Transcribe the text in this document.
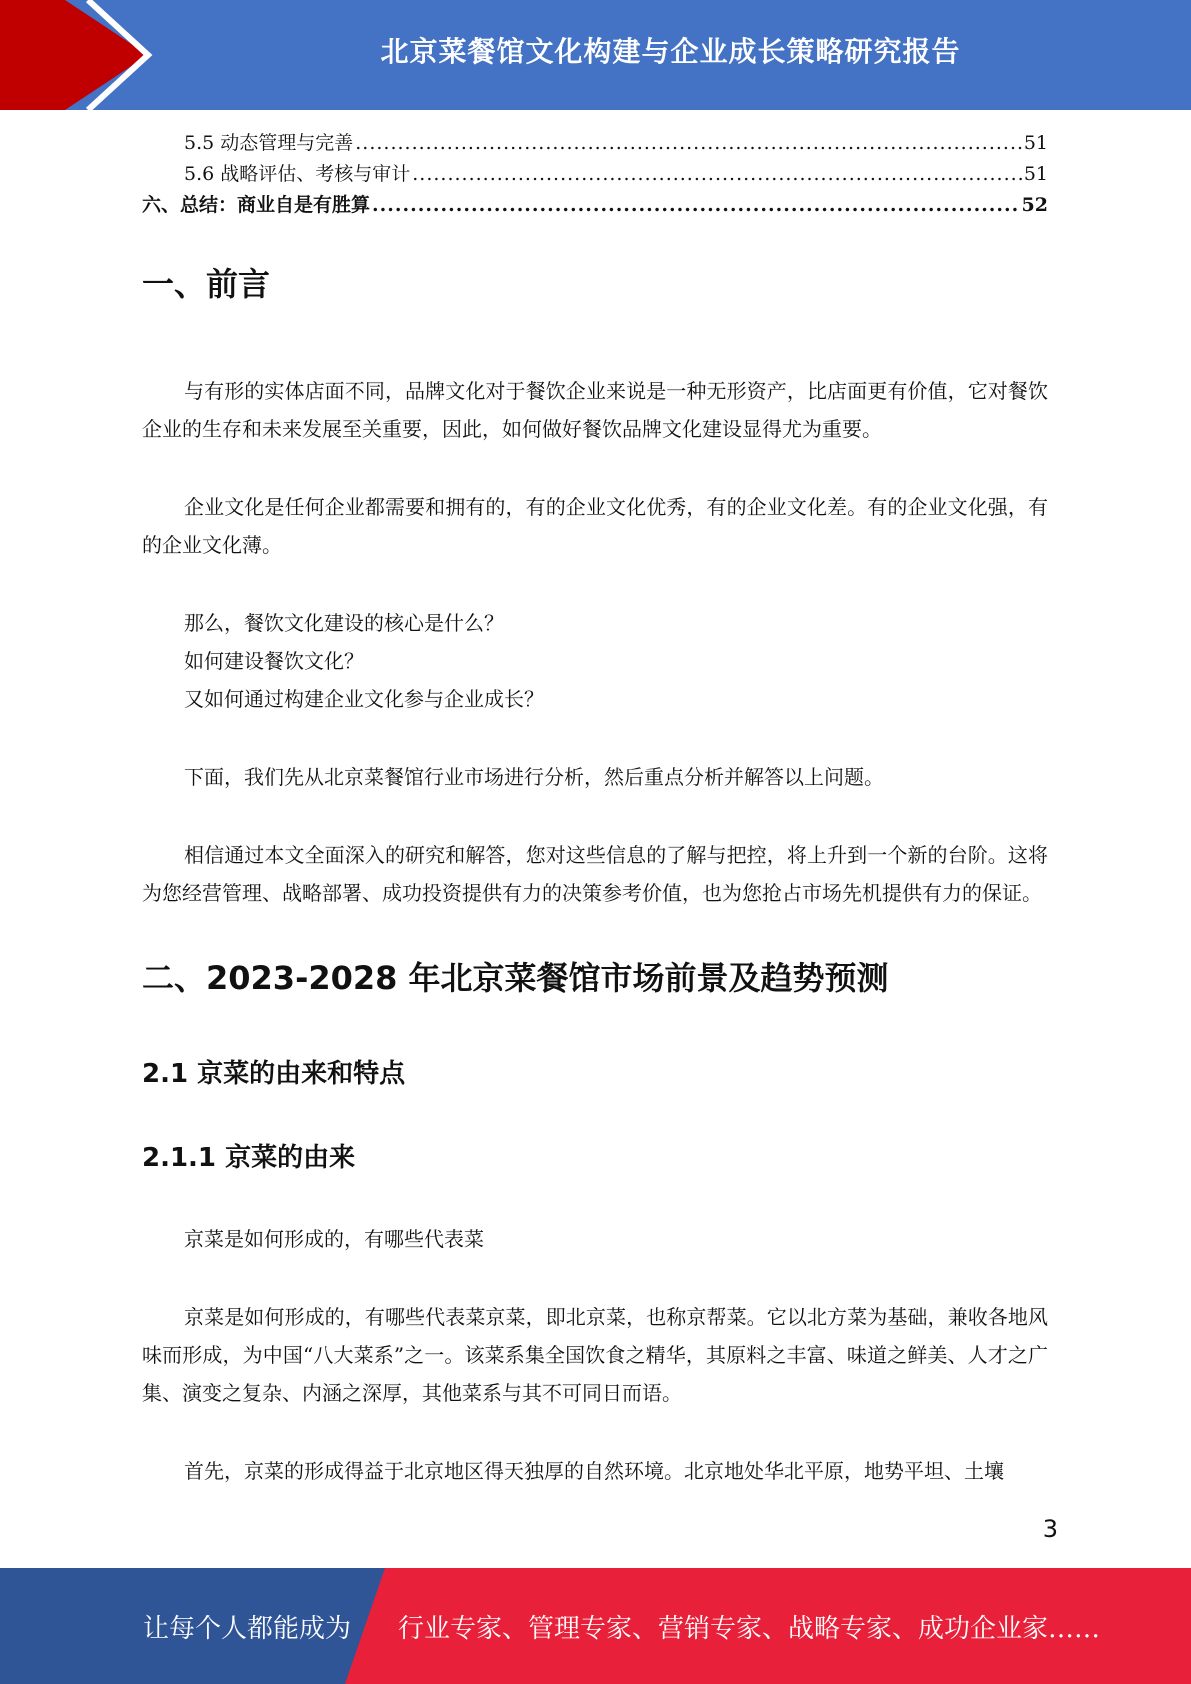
北京菜餐馆文化构建与企业成长策略研究报告
5.5 动态管理与完善 .....	51
5.6 战略评估、考核与审计 .....	51
六、总结：商业自是有胜算 .....	52
一、前言

与有形的实体店面不同，品牌文化对于餐饮企业来说是一种无形资产，比店面更有价值，它对餐饮企业的生存和未来发展至关重要，因此，如何做好餐饮品牌文化建设显得尤为重要。

企业文化是任何企业都需要和拥有的，有的企业文化优秀，有的企业文化差。有的企业文化强，有的企业文化薄。

那么，餐饮文化建设的核心是什么？

如何建设餐饮文化？

又如何通过构建企业文化参与企业成长？

下面，我们先从北京菜餐馆行业市场进行分析，然后重点分析并解答以上问题。

相信通过本文全面深入的研究和解答，您对这些信息的了解与把控，将上升到一个新的台阶。这将为您经营管理、战略部署、成功投资提供有力的决策参考价值，也为您抢占市场先机提供有力的保证。

二、2023-2028 年北京菜餐馆市场前景及趋势预测
2.1 京菜的由来和特点
2.1.1 京菜的由来

京菜是如何形成的，有哪些代表菜

京菜是如何形成的，有哪些代表菜京菜，即北京菜，也称京帮菜。它以北方菜为基础，兼收各地风味而形成，为中国“八大菜系”之一。该菜系集全国饮食之精华，其原料之丰富、味道之鲜美、人才之广集、演变之复杂、内涵之深厚，其他菜系与其不可同日而语。

首先，京菜的形成得益于北京地区得天独厚的自然环境。北京地处华北平原，地势平坦、土壤

3
让每个人都能成为 行业专家、管理专家、营销专家、战略专家、成功企业家……
